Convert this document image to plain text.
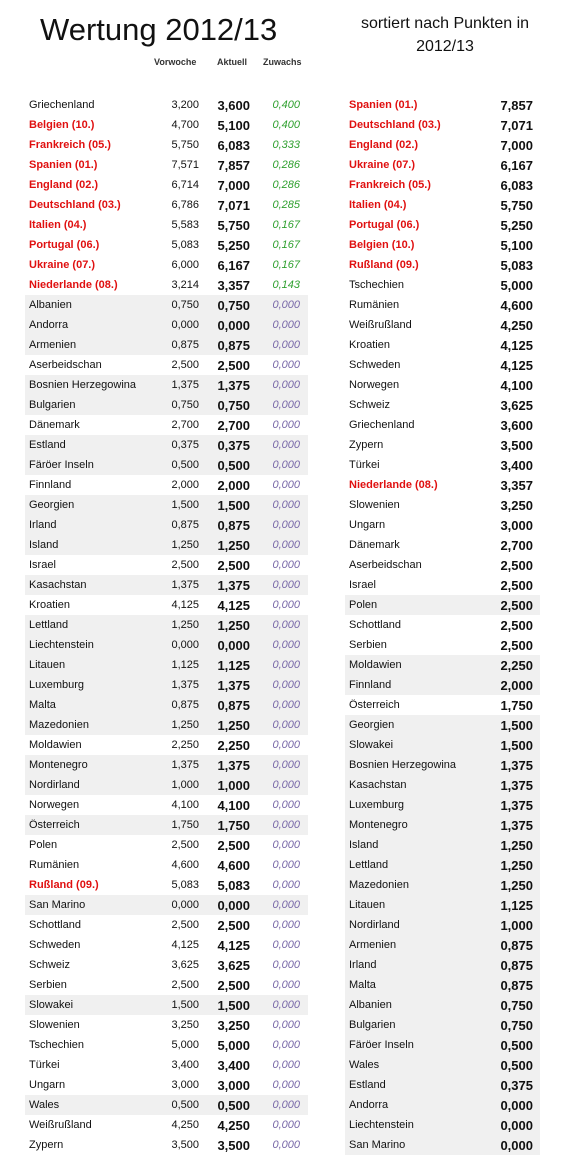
Wertung 2012/13	sortiert nach Punkten in 2012/13
Vorwoche Aktuell Zuwachs
Griechenland	3,200	3,600	0,400
Belgien (10.)	4,700	5,100	0,400
Frankreich (05.)	5,750	6,083	0,333
Spanien (01.)	7,571	7,857	0,286
England (02.)	6,714	7,000	0,286
Deutschland (03.)	6,786	7,071	0,285
Italien (04.)	5,583	5,750	0,167
Portugal (06.)	5,083	5,250	0,167
Ukraine (07.)	6,000	6,167	0,167
Niederlande (08.)	3,214	3,357	0,143
Albanien	0,750	0,750	0,000
Andorra	0,000	0,000	0,000
Armenien	0,875	0,875	0,000
Aserbeidschan	2,500	2,500	0,000
Bosnien Herzegowina	1,375	1,375	0,000
Bulgarien	0,750	0,750	0,000
Dänemark	2,700	2,700	0,000
Estland	0,375	0,375	0,000
Färöer Inseln	0,500	0,500	0,000
Finnland	2,000	2,000	0,000
Georgien	1,500	1,500	0,000
Irland	0,875	0,875	0,000
Island	1,250	1,250	0,000
Israel	2,500	2,500	0,000
Kasachstan	1,375	1,375	0,000
Kroatien	4,125	4,125	0,000
Lettland	1,250	1,250	0,000
Liechtenstein	0,000	0,000	0,000
Litauen	1,125	1,125	0,000
Luxemburg	1,375	1,375	0,000
Malta	0,875	0,875	0,000
Mazedonien	1,250	1,250	0,000
Moldawien	2,250	2,250	0,000
Montenegro	1,375	1,375	0,000
Nordirland	1,000	1,000	0,000
Norwegen	4,100	4,100	0,000
Österreich	1,750	1,750	0,000
Polen	2,500	2,500	0,000
Rumänien	4,600	4,600	0,000
Rußland (09.)	5,083	5,083	0,000
San Marino	0,000	0,000	0,000
Schottland	2,500	2,500	0,000
Schweden	4,125	4,125	0,000
Schweiz	3,625	3,625	0,000
Serbien	2,500	2,500	0,000
Slowakei	1,500	1,500	0,000
Slowenien	3,250	3,250	0,000
Tschechien	5,000	5,000	0,000
Türkei	3,400	3,400	0,000
Ungarn	3,000	3,000	0,000
Wales	0,500	0,500	0,000
Weißrußland	4,250	4,250	0,000
Zypern	3,500	3,500	0,000
Spanien (01.)	7,857
Deutschland (03.)	7,071
England (02.)	7,000
Ukraine (07.)	6,167
Frankreich (05.)	6,083
Italien (04.)	5,750
Portugal (06.)	5,250
Belgien (10.)	5,100
Rußland (09.)	5,083
Tschechien	5,000
Rumänien	4,600
Weißrußland	4,250
Kroatien	4,125
Schweden	4,125
Norwegen	4,100
Schweiz	3,625
Griechenland	3,600
Zypern	3,500
Türkei	3,400
Niederlande (08.)	3,357
Slowenien	3,250
Ungarn	3,000
Dänemark	2,700
Aserbeidschan	2,500
Israel	2,500
Polen	2,500
Schottland	2,500
Serbien	2,500
Moldawien	2,250
Finnland	2,000
Österreich	1,750
Georgien	1,500
Slowakei	1,500
Bosnien Herzegowina	1,375
Kasachstan	1,375
Luxemburg	1,375
Montenegro	1,375
Island	1,250
Lettland	1,250
Mazedonien	1,250
Litauen	1,125
Nordirland	1,000
Armenien	0,875
Irland	0,875
Malta	0,875
Albanien	0,750
Bulgarien	0,750
Färöer Inseln	0,500
Wales	0,500
Estland	0,375
Andorra	0,000
Liechtenstein	0,000
San Marino	0,000
